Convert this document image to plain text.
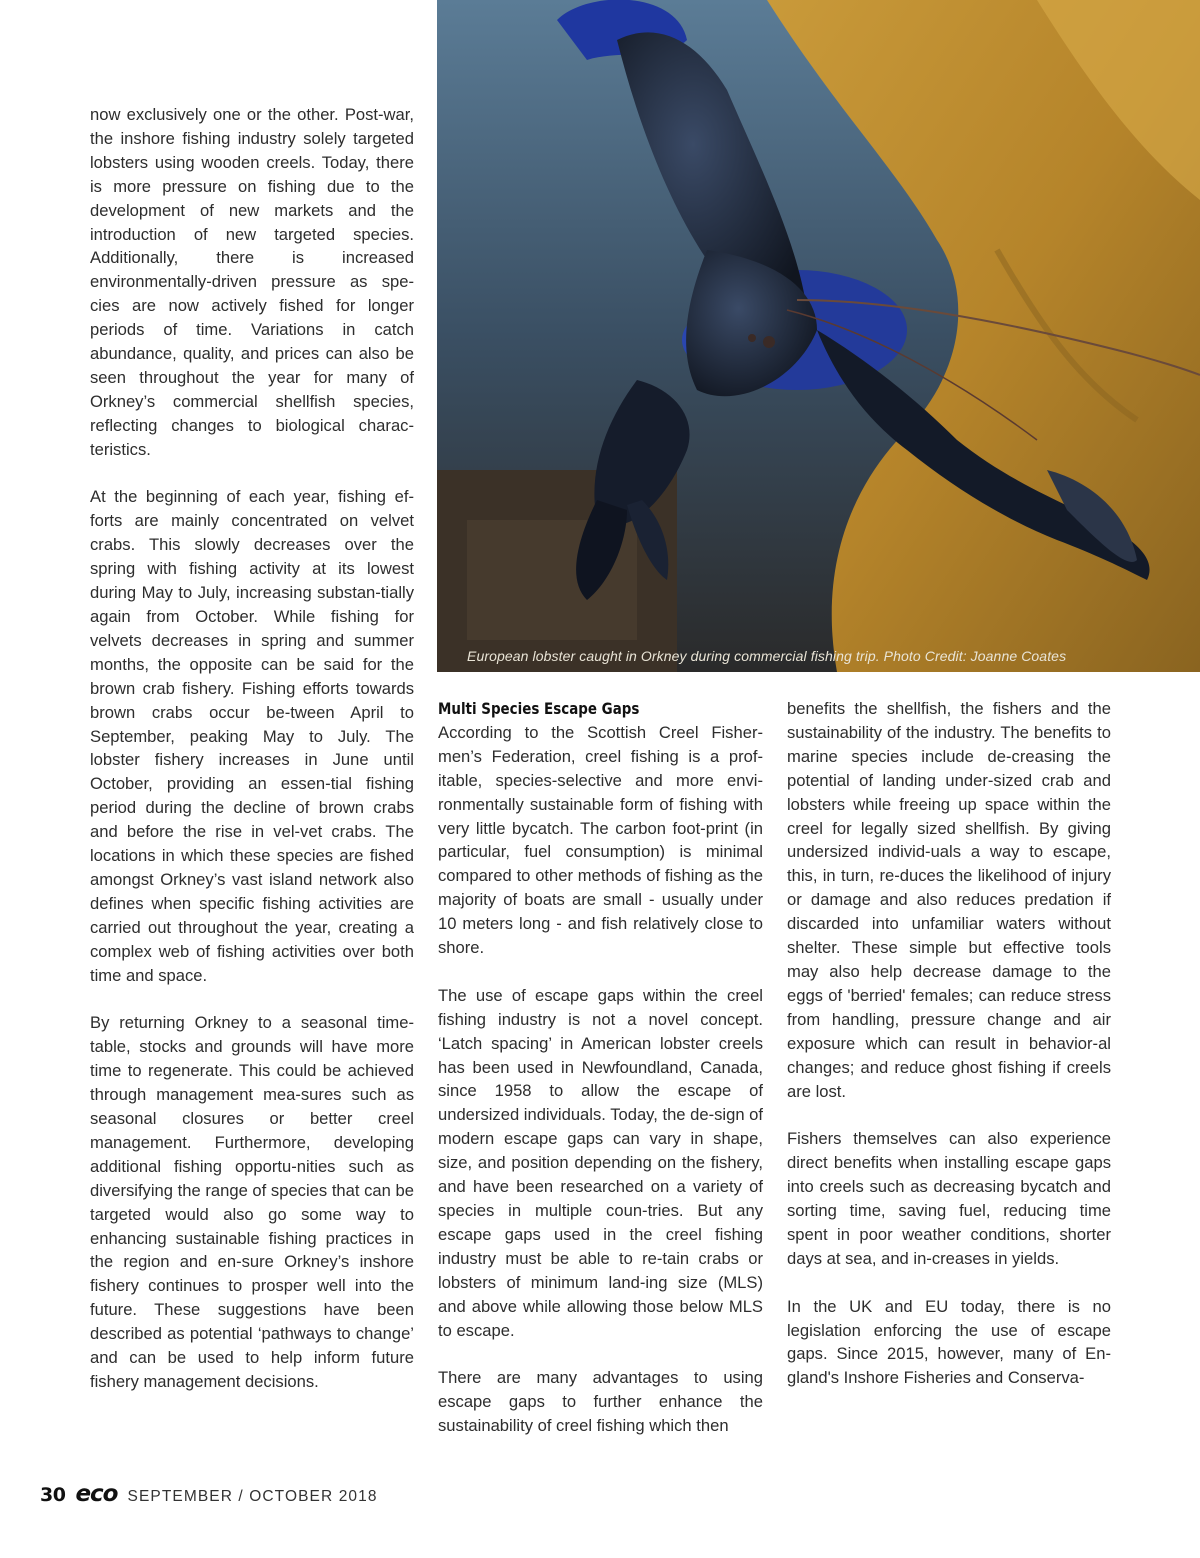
European lobster caught in Orkney during commercial fishing trip. Photo Credit: Joanne Coates

now exclusively one or the other. Post-war, the inshore fishing industry solely targeted lobsters using wooden creels. Today, there is more pressure on fishing due to the development of new markets and the introduction of new targeted species. Additionally, there is increased environmentally-driven pressure as spe-cies are now actively fished for longer periods of time. Variations in catch abundance, quality, and prices can also be seen throughout the year for many of Orkney’s commercial shellfish species, reflecting changes to biological charac-teristics.

At the beginning of each year, fishing ef-forts are mainly concentrated on velvet crabs. This slowly decreases over the spring with fishing activity at its lowest during May to July, increasing substan-tially again from October. While fishing for velvets decreases in spring and summer months, the opposite can be said for the brown crab fishery. Fishing efforts towards brown crabs occur be-tween April to September, peaking May to July. The lobster fishery increases in June until October, providing an essen-tial fishing period during the decline of brown crabs and before the rise in vel-vet crabs. The locations in which these species are fished amongst Orkney’s vast island network also defines when specific fishing activities are carried out throughout the year, creating a complex web of fishing activities over both time and space.

By returning Orkney to a seasonal time-table, stocks and grounds will have more time to regenerate. This could be achieved through management mea-sures such as seasonal closures or better creel management. Furthermore, developing additional fishing opportu-nities such as diversifying the range of species that can be targeted would also go some way to enhancing sustainable fishing practices in the region and en-sure Orkney’s inshore fishery continues to prosper well into the future. These suggestions have been described as potential ‘pathways to change’ and can be used to help inform future fishery management decisions.

Multi Species Escape Gaps

According to the Scottish Creel Fisher-men’s Federation, creel fishing is a prof-itable, species-selective and more envi-ronmentally sustainable form of fishing with very little bycatch. The carbon foot-print (in particular, fuel consumption) is minimal compared to other methods of fishing as the majority of boats are small - usually under 10 meters long - and fish relatively close to shore.

The use of escape gaps within the creel fishing industry is not a novel concept. ‘Latch spacing’ in American lobster creels has been used in Newfoundland, Canada, since 1958 to allow the escape of undersized individuals. Today, the de-sign of modern escape gaps can vary in shape, size, and position depending on the fishery, and have been researched on a variety of species in multiple coun-tries. But any escape gaps used in the creel fishing industry must be able to re-tain crabs or lobsters of minimum land-ing size (MLS) and above while allowing those below MLS to escape.

There are many advantages to using escape gaps to further enhance the sustainability of creel fishing which then

benefits the shellfish, the fishers and the sustainability of the industry. The benefits to marine species include de-creasing the potential of landing under-sized crab and lobsters while freeing up space within the creel for legally sized shellfish. By giving undersized individ-uals a way to escape, this, in turn, re-duces the likelihood of injury or damage and also reduces predation if discarded into unfamiliar waters without shelter. These simple but effective tools may also help decrease damage to the eggs of 'berried' females; can reduce stress from handling, pressure change and air exposure which can result in behavior-al changes; and reduce ghost fishing if creels are lost.

Fishers themselves can also experience direct benefits when installing escape gaps into creels such as decreasing bycatch and sorting time, saving fuel, reducing time spent in poor weather conditions, shorter days at sea, and in-creases in yields.

In the UK and EU today, there is no legislation enforcing the use of escape gaps. Since 2015, however, many of En-gland's Inshore Fisheries and Conserva-

30 eco SEPTEMBER / OCTOBER 2018
